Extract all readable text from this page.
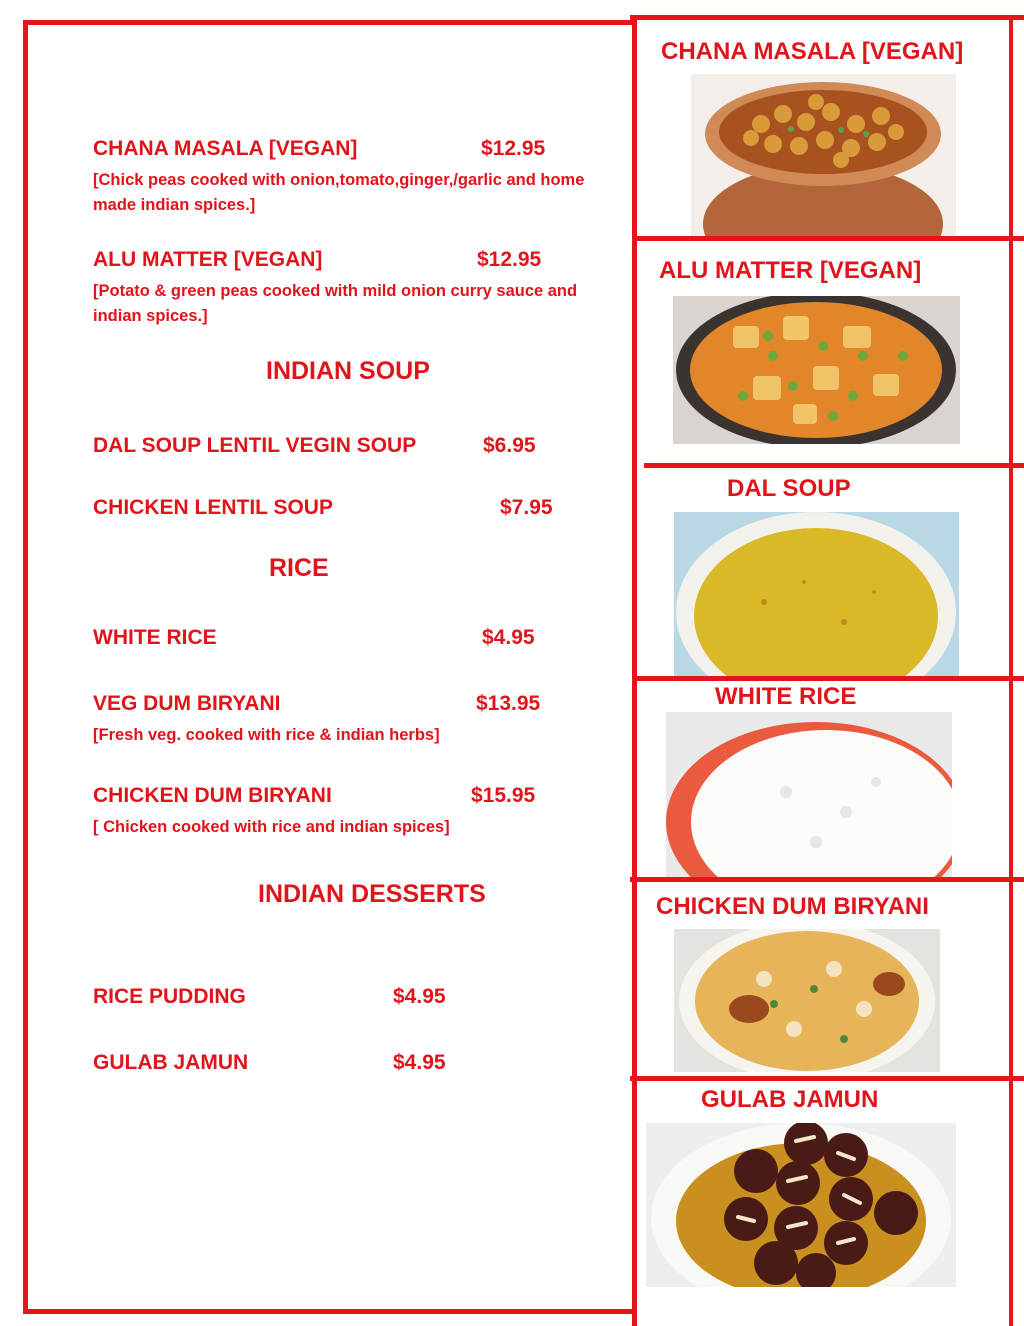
CHANA MASALA [VEGAN]	$12.95
[Chick peas cooked with onion,tomato,ginger,/garlic and home made indian spices.]
ALU MATTER [VEGAN]	$12.95
[Potato & green peas cooked with mild onion curry sauce and indian spices.]
INDIAN SOUP
DAL SOUP LENTIL VEGIN SOUP	$6.95
CHICKEN LENTIL SOUP	$7.95
RICE
WHITE RICE	$4.95
VEG DUM BIRYANI	$13.95
[Fresh veg. cooked with rice & indian herbs]
CHICKEN DUM BIRYANI	$15.95
[ Chicken cooked with rice and indian spices]
INDIAN DESSERTS
RICE PUDDING	$4.95
GULAB JAMUN	$4.95
CHANA MASALA [VEGAN]
ALU MATTER [VEGAN]
DAL SOUP
WHITE RICE
CHICKEN DUM BIRYANI
GULAB JAMUN
